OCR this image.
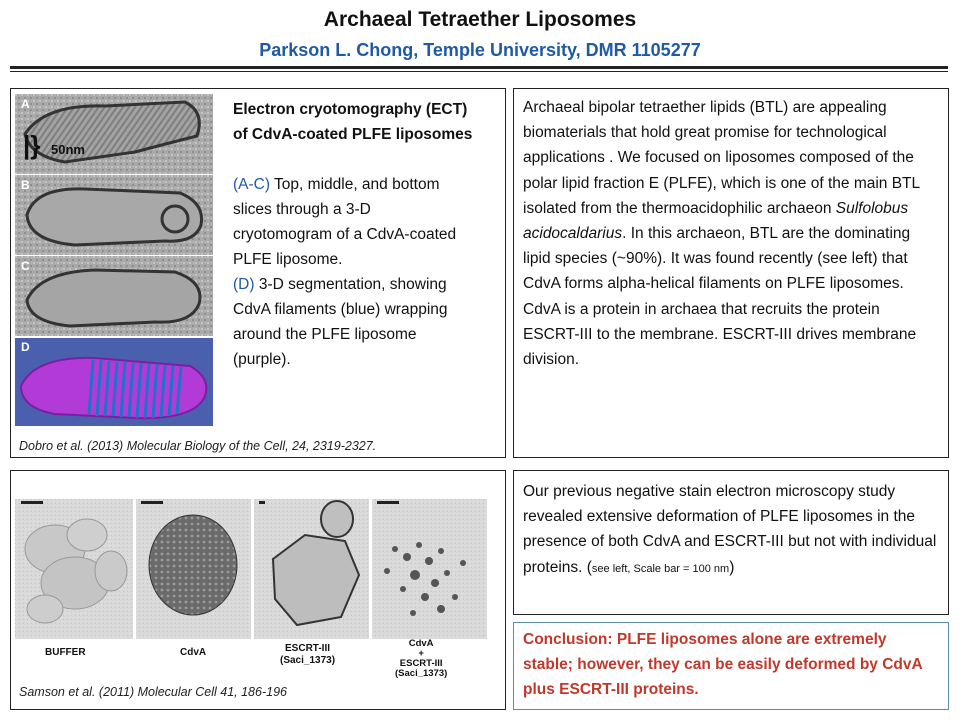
Archaeal Tetraether Liposomes
Parkson L. Chong, Temple University, DMR 1105277
A
50nm
|}
B
C
D
Electron cryotomography (ECT) of CdvA-coated PLFE liposomes
(A-C) Top, middle, and bottom slices through a 3-D cryotomogram of a CdvA-coated PLFE liposome.
(D) 3-D segmentation, showing CdvA filaments (blue) wrapping around the PLFE liposome (purple).
Dobro et al. (2013) Molecular Biology of the Cell, 24, 2319-2327.
Archaeal bipolar tetraether lipids (BTL) are appealing biomaterials that hold great promise for technological applications . We focused on liposomes composed of the polar lipid fraction E (PLFE), which is one of the main BTL isolated from the thermoacidophilic archaeon Sulfolobus acidocaldarius. In this archaeon, BTL are the dominating lipid species (~90%). It was found recently (see left) that CdvA forms alpha-helical filaments on PLFE liposomes. CdvA is a protein in archaea that recruits the protein ESCRT-III to the membrane. ESCRT-III drives membrane division.
BUFFER	CdvA	ESCRT-III
(Saci_1373)
CdvA
+
ESCRT-III
(Saci_1373)
Samson et al. (2011) Molecular Cell 41, 186-196
Our previous negative stain electron microscopy study revealed extensive deformation of PLFE liposomes in the presence of both CdvA and ESCRT-III but not with individual proteins. (see left, Scale bar = 100 nm)
Conclusion: PLFE liposomes alone are extremely stable; however, they can be easily deformed by CdvA plus ESCRT-III proteins.
